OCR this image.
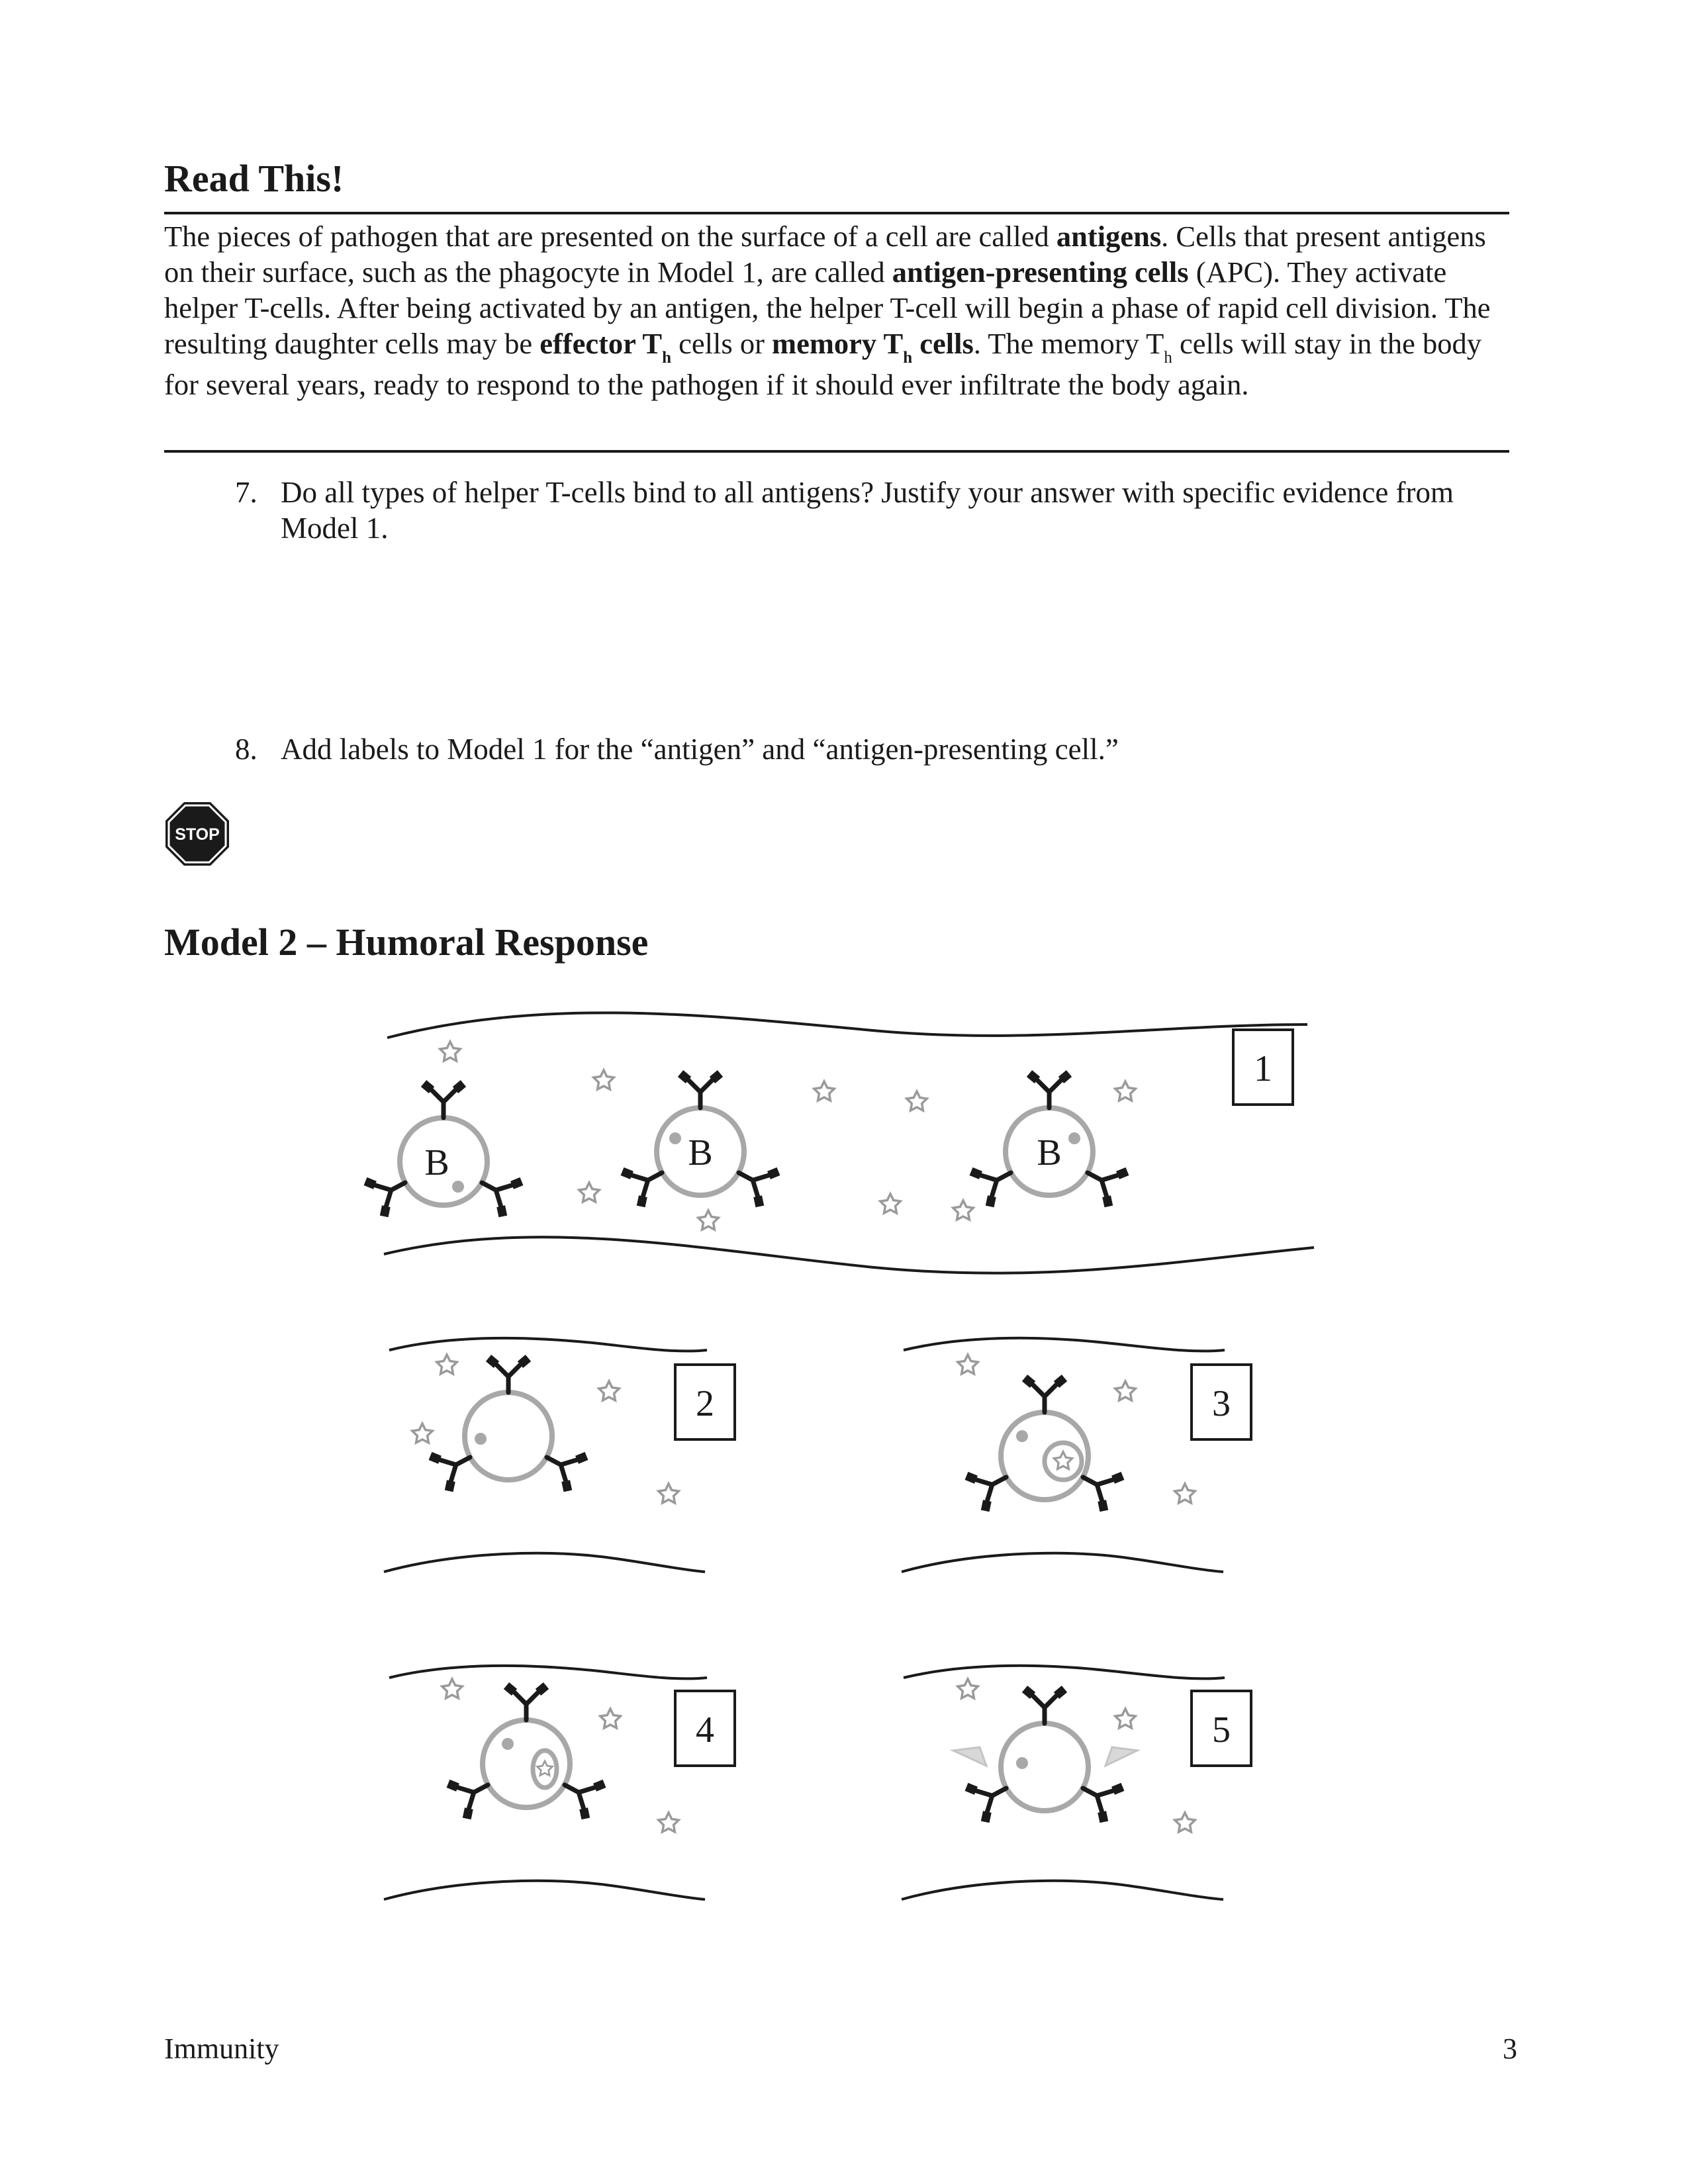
Read This!
The pieces of pathogen that are presented on the surface of a cell are called antigens. Cells that present antigens on their surface, such as the phagocyte in Model 1, are called antigen-presenting cells (APC). They activate helper T-cells. After being activated by an antigen, the helper T-cell will begin a phase of rapid cell division. The resulting daughter cells may be effector $T_h$ cells or memory $T_h$ cells. The memory $T_h$ cells will stay in the body for several years, ready to respond to the pathogen if it should ever infiltrate the body again.
7. Do all types of helper T-cells bind to all antigens? Justify your answer with specific evidence from Model 1.
8. Add labels to Model 1 for the “antigen” and “antigen-presenting cell.”
STOP
Model 2 – Humoral Response
B	B	B
1
2	3
4	5
Immunity	3
